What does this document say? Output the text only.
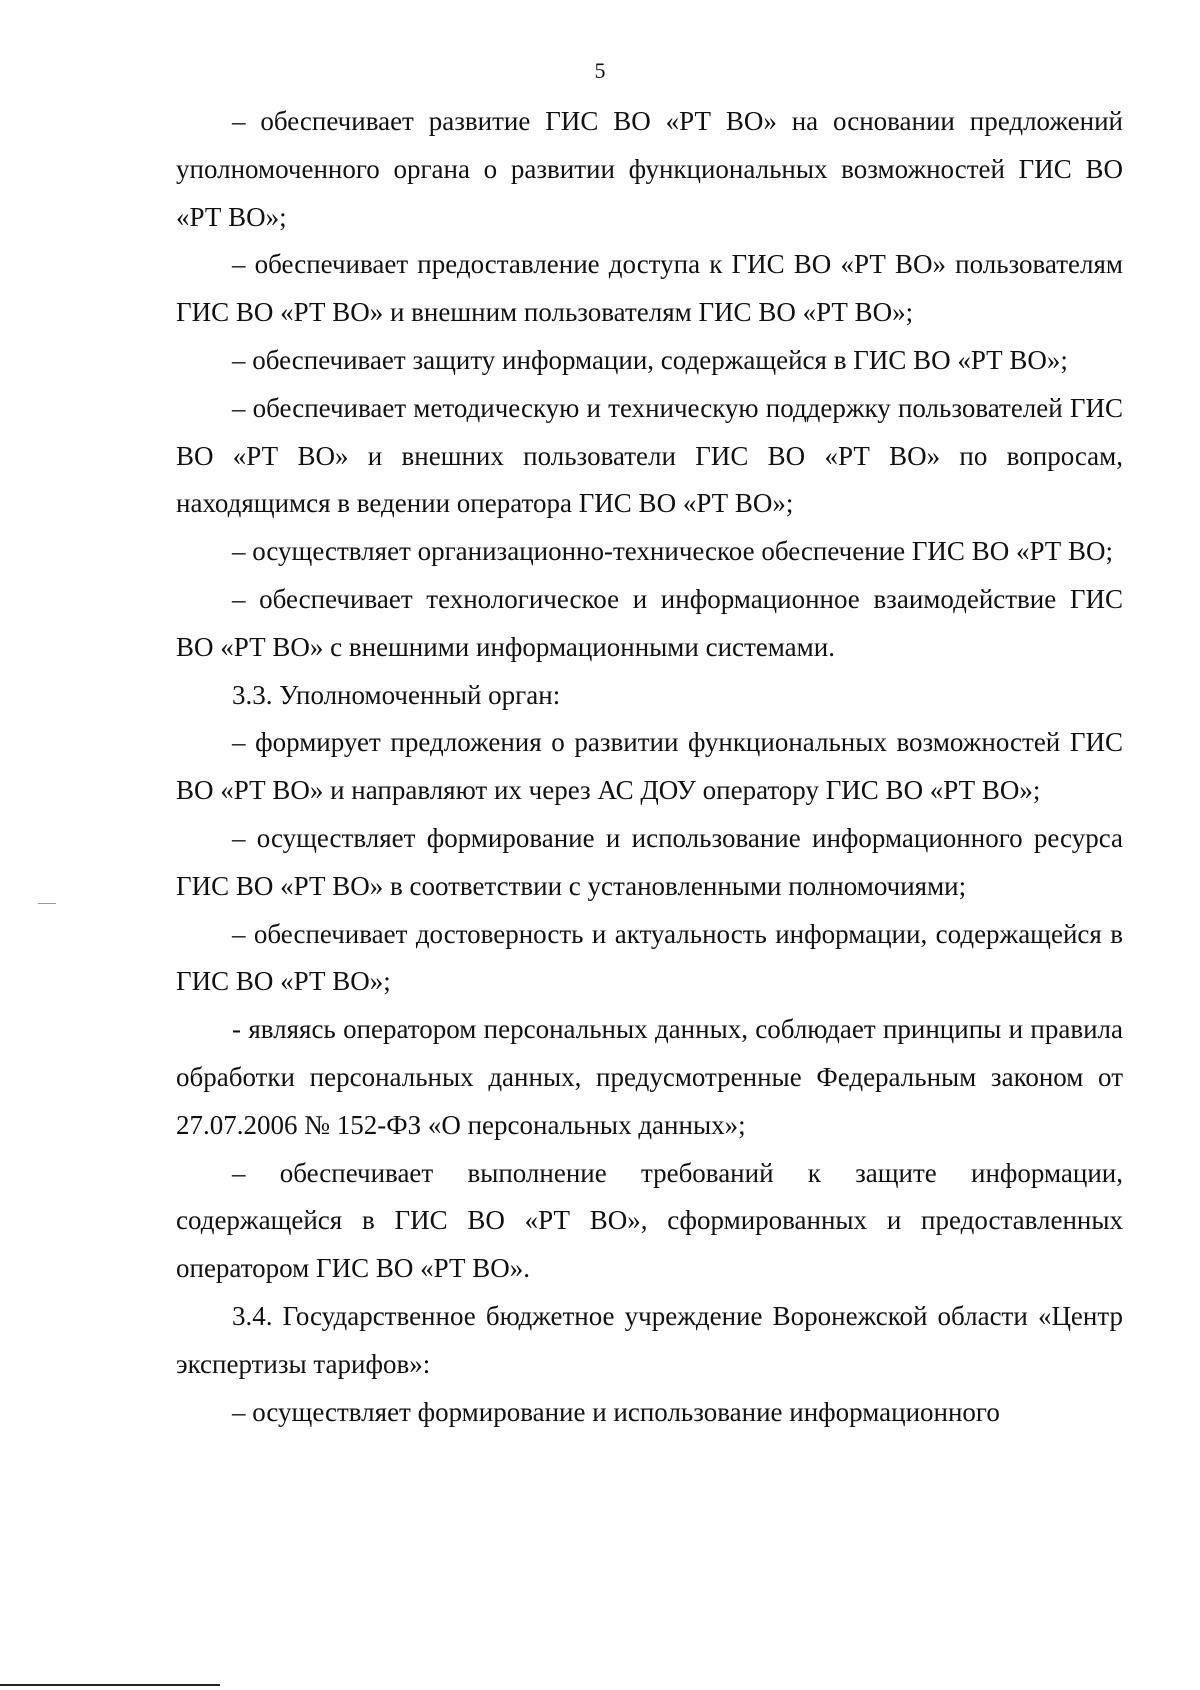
5

– обеспечивает развитие ГИС ВО «РТ ВО» на основании предложений уполномоченного органа о развитии функциональных возможностей ГИС ВО «РТ ВО»;

– обеспечивает предоставление доступа к ГИС ВО «РТ ВО» пользователям ГИС ВО «РТ ВО» и внешним пользователям ГИС ВО «РТ ВО»;

– обеспечивает защиту информации, содержащейся в ГИС ВО «РТ ВО»;

– обеспечивает методическую и техническую поддержку пользователей ГИС ВО «РТ ВО» и внешних пользователи ГИС ВО «РТ ВО» по вопросам, находящимся в ведении оператора ГИС ВО «РТ ВО»;

– осуществляет организационно-техническое обеспечение ГИС ВО «РТ ВО;

– обеспечивает технологическое и информационное взаимодействие ГИС ВО «РТ ВО» с внешними информационными системами.

3.3. Уполномоченный орган:

– формирует предложения о развитии функциональных возможностей ГИС ВО «РТ ВО» и направляют их через АС ДОУ оператору ГИС ВО «РТ ВО»;

– осуществляет формирование и использование информационного ресурса ГИС ВО «РТ ВО» в соответствии с установленными полномочиями;

– обеспечивает достоверность и актуальность информации, содержащейся в ГИС ВО «РТ ВО»;

- являясь оператором персональных данных, соблюдает принципы и правила обработки персональных данных, предусмотренные Федеральным законом от 27.07.2006 № 152-ФЗ «О персональных данных»;

– обеспечивает выполнение требований к защите информации, содержащейся в ГИС ВО «РТ ВО», сформированных и предоставленных оператором ГИС ВО «РТ ВО».

3.4. Государственное бюджетное учреждение Воронежской области «Центр экспертизы тарифов»:

– осуществляет формирование и использование информационного
